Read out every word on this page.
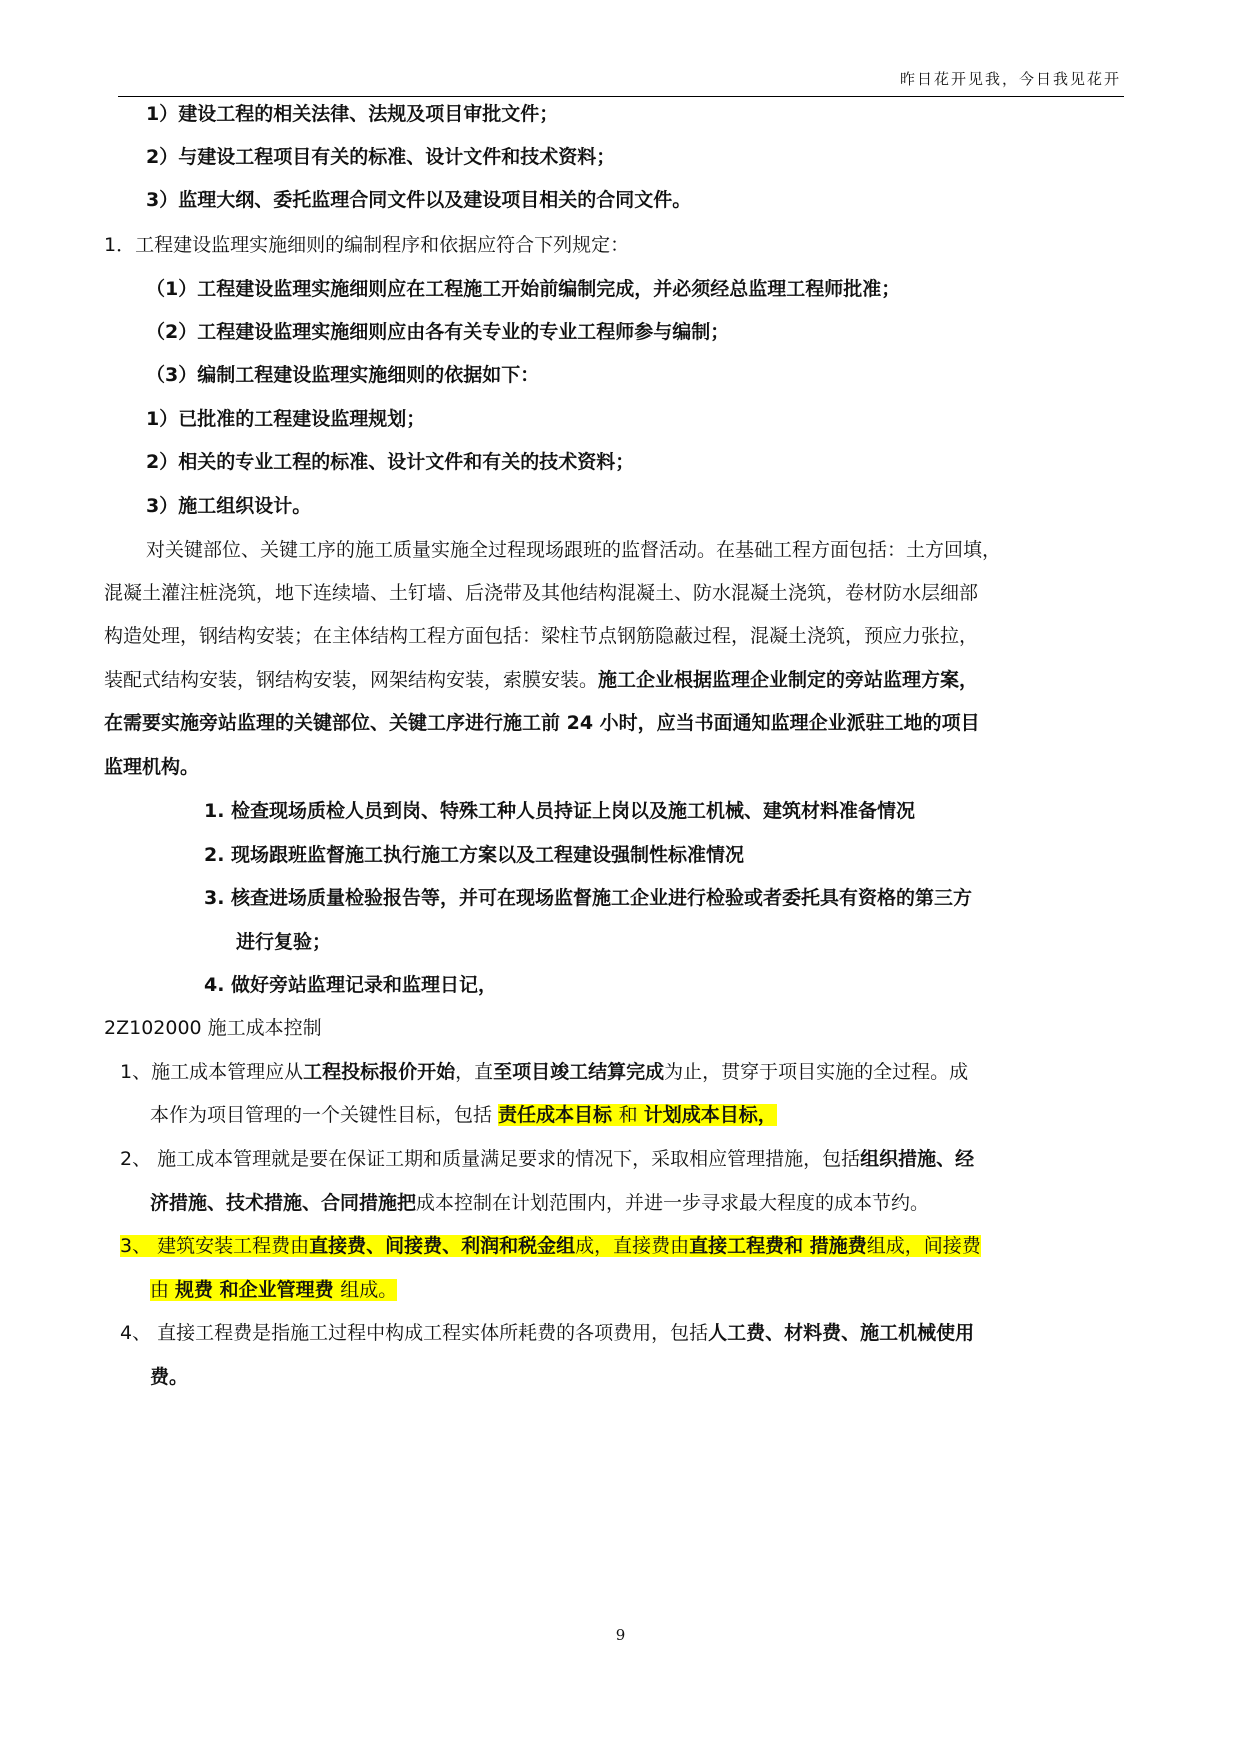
昨日花开见我，今日我见花开
1）建设工程的相关法律、法规及项目审批文件；
2）与建设工程项目有关的标准、设计文件和技术资料；
3）监理大纲、委托监理合同文件以及建设项目相关的合同文件。
1．工程建设监理实施细则的编制程序和依据应符合下列规定：
（1）工程建设监理实施细则应在工程施工开始前编制完成，并必须经总监理工程师批准；
（2）工程建设监理实施细则应由各有关专业的专业工程师参与编制；
（3）编制工程建设监理实施细则的依据如下：
1）已批准的工程建设监理规划；
2）相关的专业工程的标准、设计文件和有关的技术资料；
3）施工组织设计。
对关键部位、关键工序的施工质量实施全过程现场跟班的监督活动。在基础工程方面包括：土方回填，
混凝土灌注桩浇筑，地下连续墙、土钉墙、后浇带及其他结构混凝土、防水混凝土浇筑，卷材防水层细部
构造处理，钢结构安装；在主体结构工程方面包括：梁柱节点钢筋隐蔽过程，混凝土浇筑，预应力张拉，
装配式结构安装，钢结构安装，网架结构安装，索膜安装。施工企业根据监理企业制定的旁站监理方案，
在需要实施旁站监理的关键部位、关键工序进行施工前 24 小时，应当书面通知监理企业派驻工地的项目
监理机构。
1. 检查现场质检人员到岗、特殊工种人员持证上岗以及施工机械、建筑材料准备情况
2. 现场跟班监督施工执行施工方案以及工程建设强制性标准情况
3. 核查进场质量检验报告等，并可在现场监督施工企业进行检验或者委托具有资格的第三方
进行复验；
4. 做好旁站监理记录和监理日记，
2Z102000 施工成本控制
1、施工成本管理应从工程投标报价开始，直至项目竣工结算完成为止，贯穿于项目实施的全过程。成
本作为项目管理的一个关键性目标，包括 责任成本目标 和 计划成本目标，
2、 施工成本管理就是要在保证工期和质量满足要求的情况下，采取相应管理措施，包括组织措施、经
济措施、技术措施、合同措施把成本控制在计划范围内，并进一步寻求最大程度的成本节约。
3、 建筑安装工程费由直接费、间接费、利润和税金组成，直接费由直接工程费和 措施费组成，间接费
由 规费 和企业管理费 组成。
4、 直接工程费是指施工过程中构成工程实体所耗费的各项费用，包括人工费、材料费、施工机械使用
费。
9
